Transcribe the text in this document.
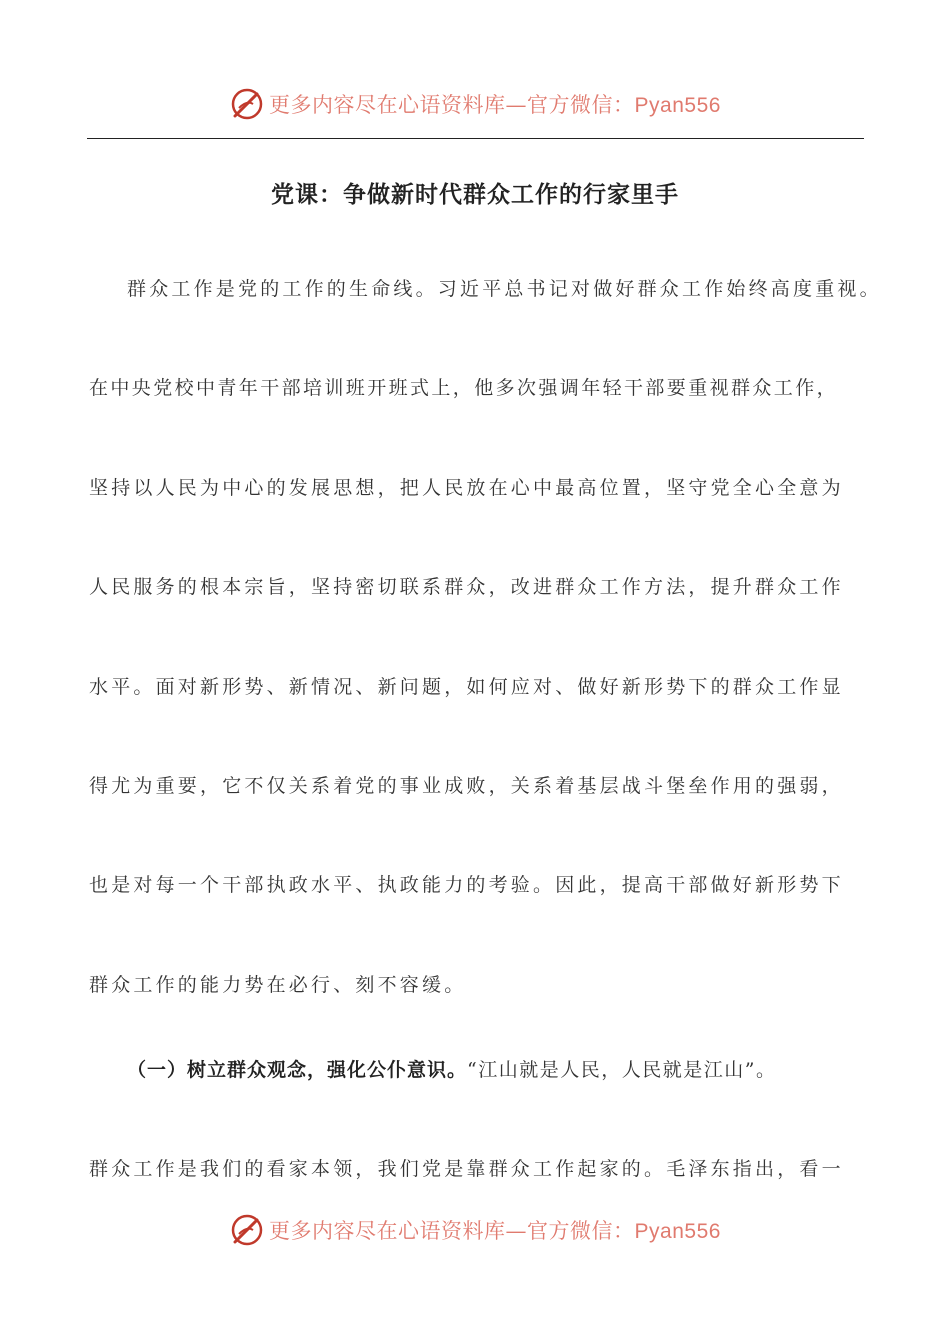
更多内容尽在心语资料库—官方微信：Pyan556
党课：争做新时代群众工作的行家里手
群众工作是党的工作的生命线。习近平总书记对做好群众工作始终高度重视。
在中央党校中青年干部培训班开班式上，他多次强调年轻干部要重视群众工作，
坚持以人民为中心的发展思想，把人民放在心中最高位置，坚守党全心全意为
人民服务的根本宗旨，坚持密切联系群众，改进群众工作方法，提升群众工作
水平。面对新形势、新情况、新问题，如何应对、做好新形势下的群众工作显
得尤为重要，它不仅关系着党的事业成败，关系着基层战斗堡垒作用的强弱，
也是对每一个干部执政水平、执政能力的考验。因此，提高干部做好新形势下
群众工作的能力势在必行、刻不容缓。
（一）树立群众观念，强化公仆意识。“江山就是人民，人民就是江山”。
群众工作是我们的看家本领，我们党是靠群众工作起家的。毛泽东指出，看一
更多内容尽在心语资料库—官方微信：Pyan556
